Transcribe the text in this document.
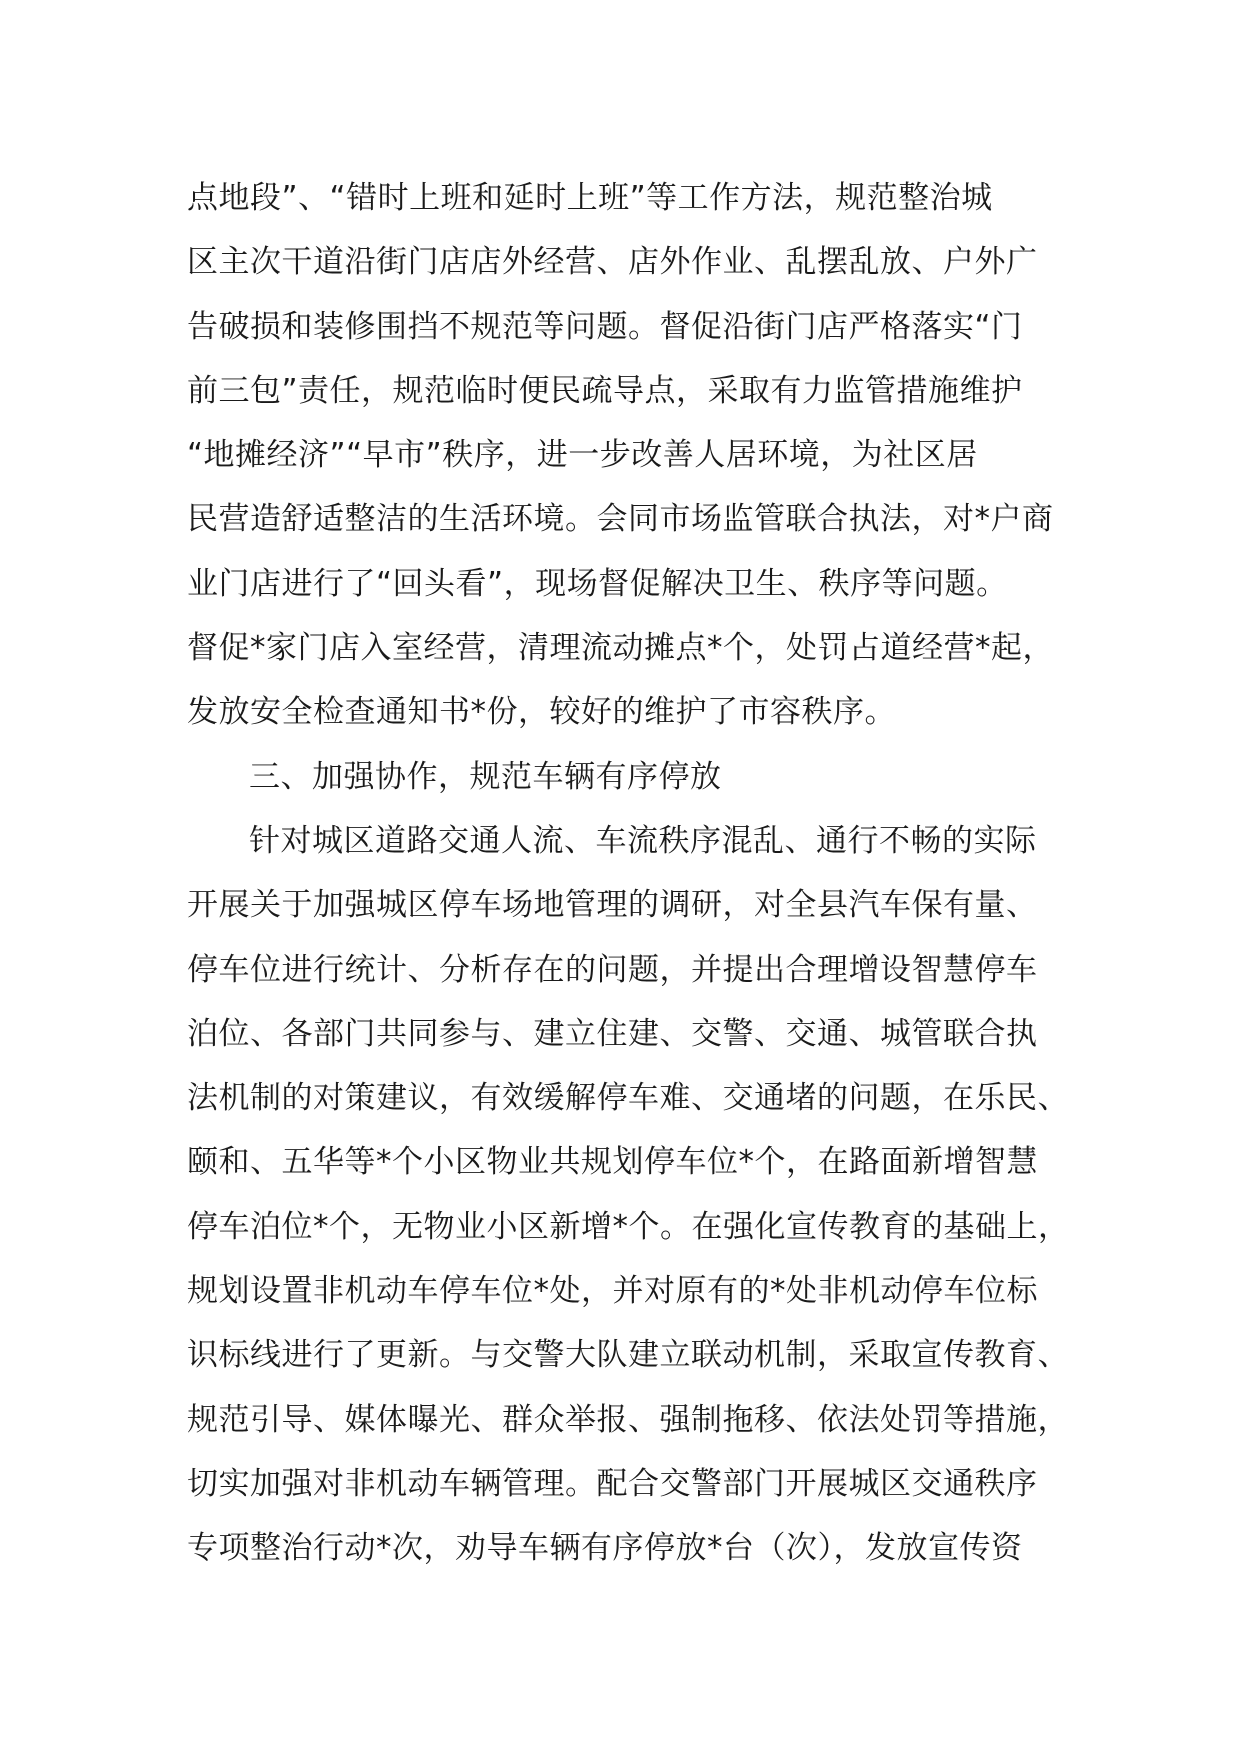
点地段”、“错时上班和延时上班”等工作方法，规范整治城
区主次干道沿街门店店外经营、店外作业、乱摆乱放、户外广
告破损和装修围挡不规范等问题。督促沿街门店严格落实“门
前三包”责任，规范临时便民疏导点，采取有力监管措施维护
“地摊经济”“早市”秩序，进一步改善人居环境，为社区居
民营造舒适整洁的生活环境。会同市场监管联合执法，对*户商
业门店进行了“回头看”，现场督促解决卫生、秩序等问题。
督促*家门店入室经营，清理流动摊点*个，处罚占道经营*起，
发放安全检查通知书*份，较好的维护了市容秩序。
三、加强协作，规范车辆有序停放
针对城区道路交通人流、车流秩序混乱、通行不畅的实际
开展关于加强城区停车场地管理的调研，对全县汽车保有量、
停车位进行统计、分析存在的问题，并提出合理增设智慧停车
泊位、各部门共同参与、建立住建、交警、交通、城管联合执
法机制的对策建议，有效缓解停车难、交通堵的问题，在乐民、
颐和、五华等*个小区物业共规划停车位*个，在路面新增智慧
停车泊位*个，无物业小区新增*个。在强化宣传教育的基础上，
规划设置非机动车停车位*处，并对原有的*处非机动停车位标
识标线进行了更新。与交警大队建立联动机制，采取宣传教育、
规范引导、媒体曝光、群众举报、强制拖移、依法处罚等措施，
切实加强对非机动车辆管理。配合交警部门开展城区交通秩序
专项整治行动*次，劝导车辆有序停放*台（次），发放宣传资
